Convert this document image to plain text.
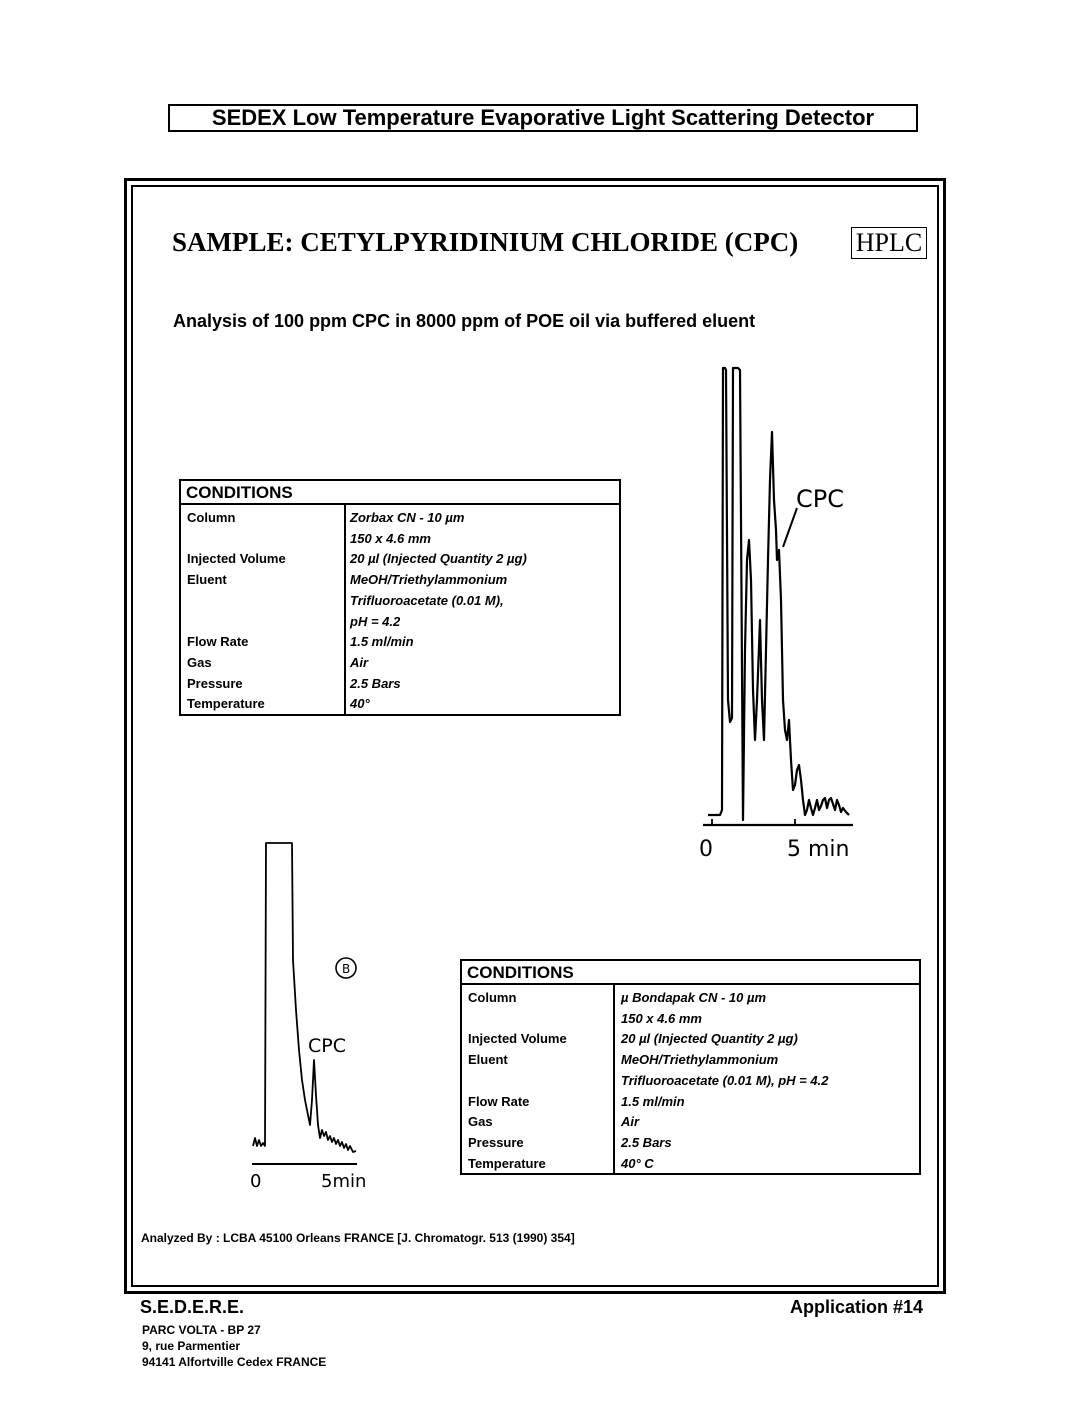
SEDEX Low Temperature Evaporative Light Scattering Detector
SAMPLE: CETYLPYRIDINIUM CHLORIDE (CPC) HPLC
Analysis of 100 ppm CPC in 8000 ppm of POE oil via buffered eluent
CONDITIONS
Column	Zorbax CN - 10 µm
150 x 4.6 mm
Injected Volume	20 µl (Injected Quantity 2 µg)
Eluent	MeOH/Triethylammonium
Trifluoroacetate (0.01 M),
pH = 4.2
Flow Rate	1.5 ml/min
Gas	Air
Pressure	2.5 Bars
Temperature	40°
CONDITIONS
Column	µ Bondapak CN - 10 µm
150 x 4.6 mm
Injected Volume	20 µl (Injected Quantity 2 µg)
Eluent	MeOH/Triethylammonium
Trifluoroacetate (0.01 M), pH = 4.2
Flow Rate	1.5 ml/min
Gas	Air
Pressure	2.5 Bars
Temperature	40° C
CPC
0	5 min
B
CPC
0	5min
Analyzed By : LCBA 45100 Orleans FRANCE [J. Chromatogr. 513 (1990) 354]
S.E.D.E.R.E.
PARC VOLTA - BP 27
9, rue Parmentier
94141 Alfortville Cedex FRANCE
Application #14
